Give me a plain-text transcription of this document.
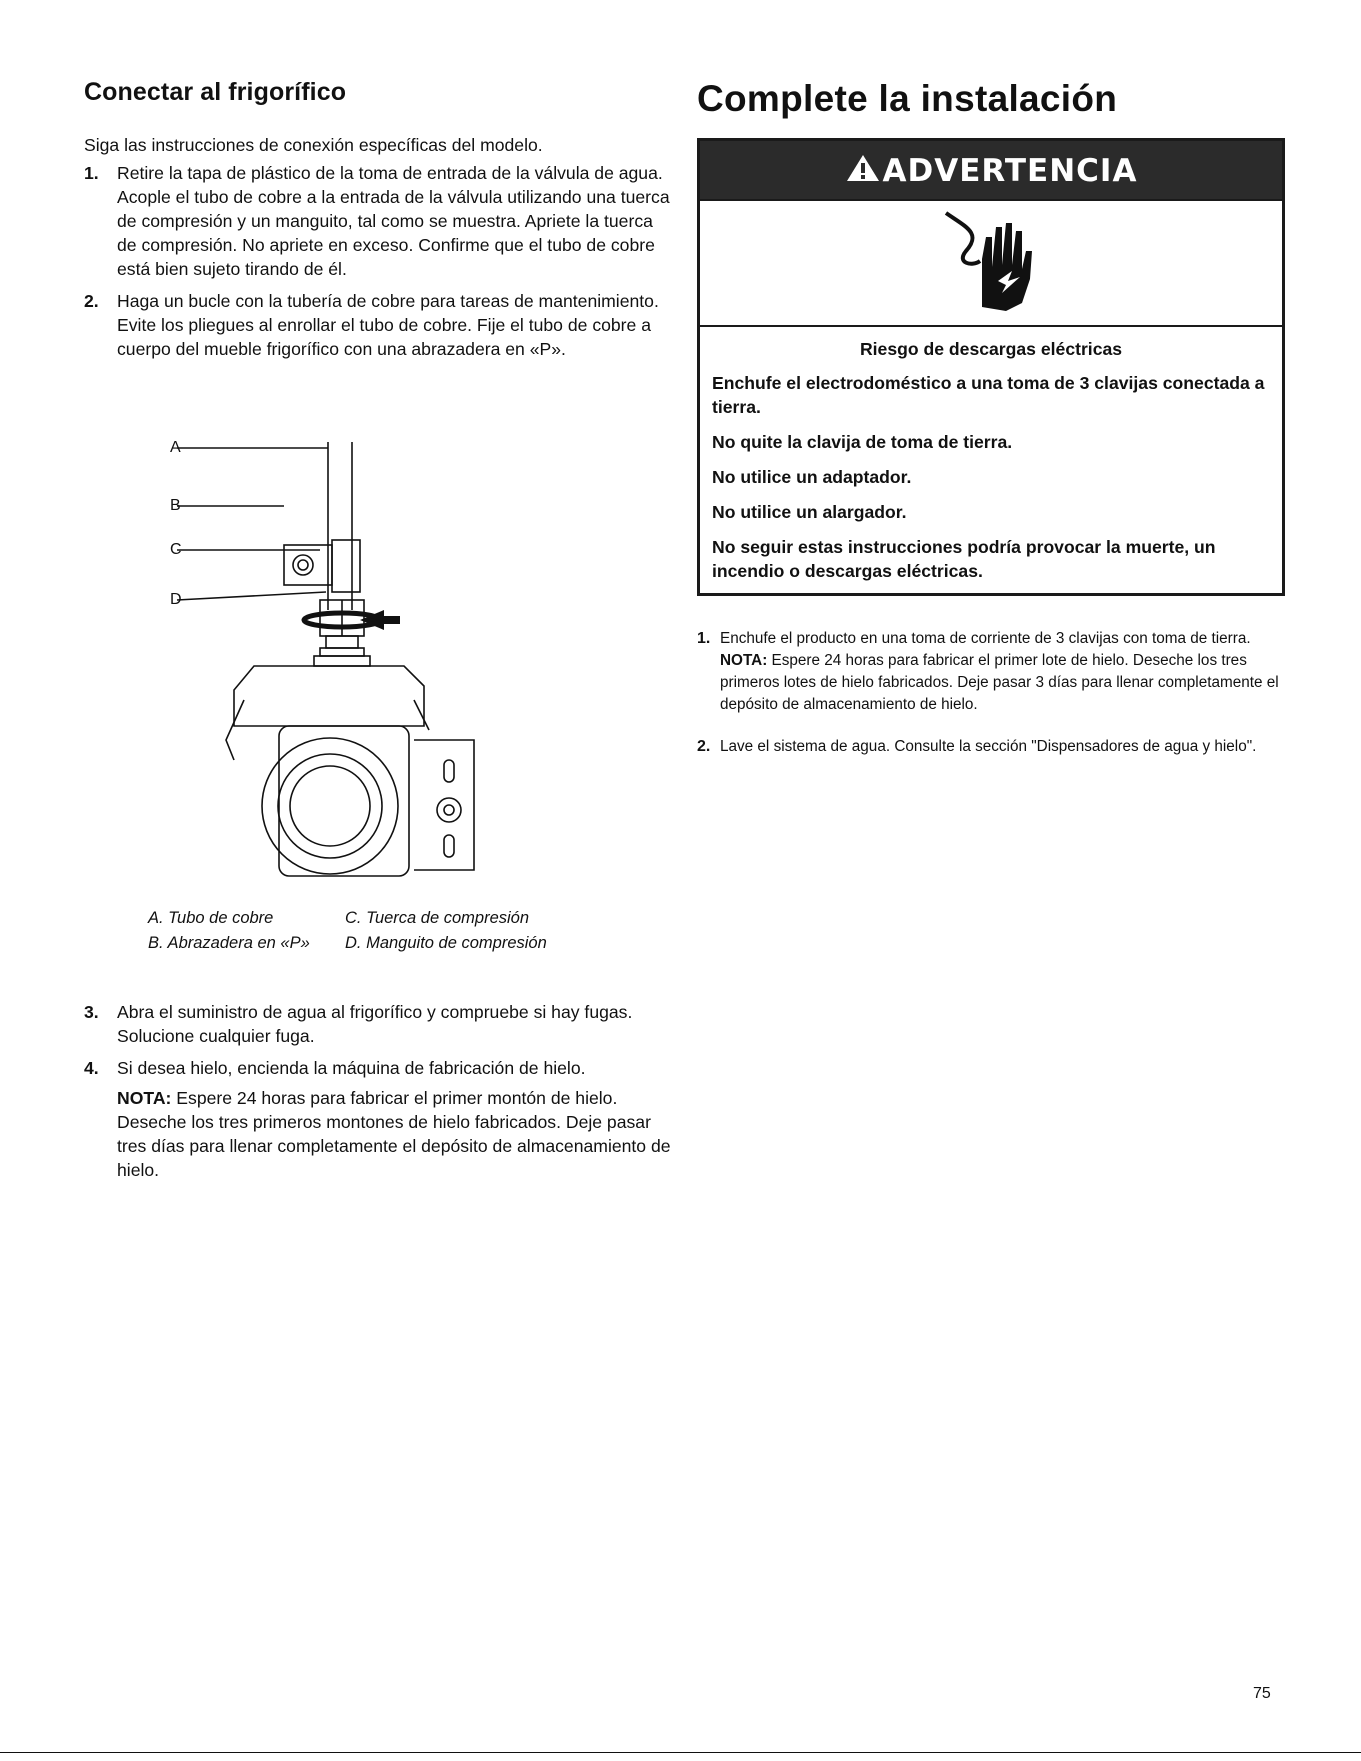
Conectar al frigorífico

Siga las instrucciones de conexión específicas del modelo.

1. Retire la tapa de plástico de la toma de entrada de la válvula de agua. Acople el tubo de cobre a la entrada de la válvula utilizando una tuerca de compresión y un manguito, tal como se muestra. Apriete la tuerca de compresión. No apriete en exceso. Confirme que el tubo de cobre está bien sujeto tirando de él.
2. Haga un bucle con la tubería de cobre para tareas de mantenimiento. Evite los pliegues al enrollar el tubo de cobre. Fije el tubo de cobre a cuerpo del mueble frigorífico con una abrazadera en «P».
A
B
C
D
A. Tubo de cobre	C. Tuerca de compresión
B. Abrazadera en «P» D. Manguito de compresión
3. Abra el suministro de agua al frigorífico y compruebe si hay fugas. Solucione cualquier fuga.
4. Si desea hielo, encienda la máquina de fabricación de hielo.
NOTA: Espere 24 horas para fabricar el primer montón de hielo. Deseche los tres primeros montones de hielo fabricados. Deje pasar tres días para llenar completamente el depósito de almacenamiento de hielo.
Complete la instalación
ADVERTENCIA
Riesgo de descargas eléctricas

Enchufe el electrodoméstico a una toma de 3 clavijas conectada a tierra.

No quite la clavija de toma de tierra.

No utilice un adaptador.

No utilice un alargador.

No seguir estas instrucciones podría provocar la muerte, un incendio o descargas eléctricas.

1. Enchufe el producto en una toma de corriente de 3 clavijas con toma de tierra.
NOTA: Espere 24 horas para fabricar el primer lote de hielo. Deseche los tres primeros lotes de hielo fabricados. Deje pasar 3 días para llenar completamente el depósito de almacenamiento de hielo.
2. Lave el sistema de agua. Consulte la sección "Dispensadores de agua y hielo".
75
